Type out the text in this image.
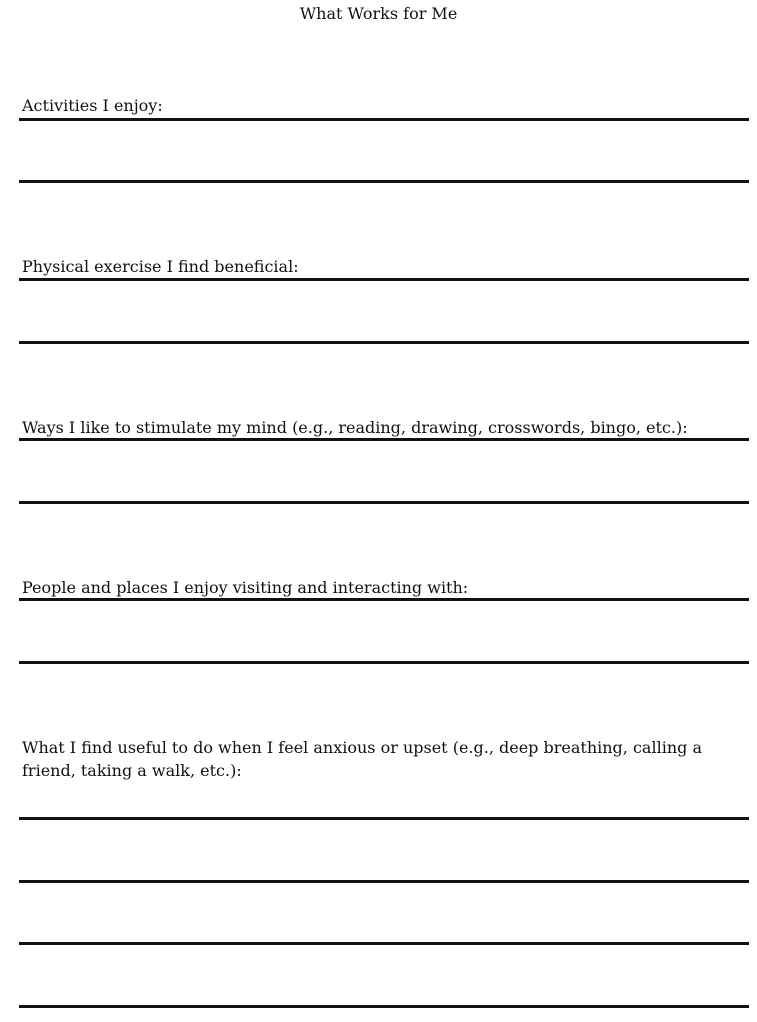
What Works for Me
Activities I enjoy:
Physical exercise I find beneficial:
Ways I like to stimulate my mind (e.g., reading, drawing, crosswords, bingo, etc.):
People and places I enjoy visiting and interacting with:
What I find useful to do when I feel anxious or upset (e.g., deep breathing, calling a friend, taking a walk, etc.):
